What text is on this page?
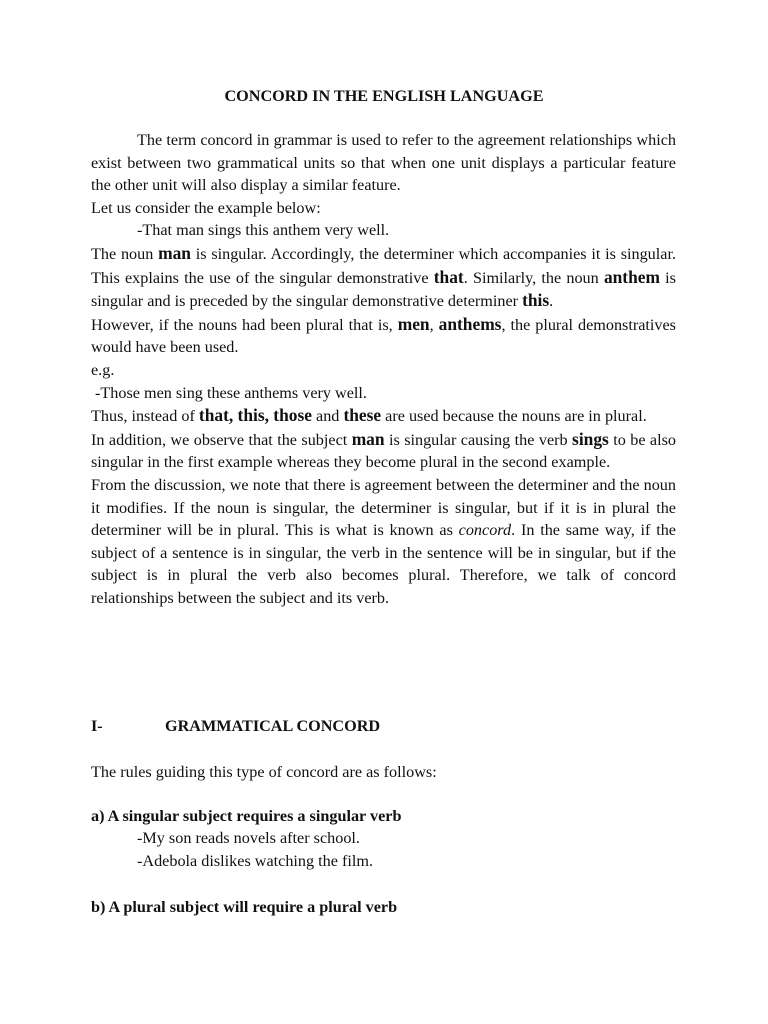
CONCORD IN THE ENGLISH LANGUAGE

The term concord in grammar is used to refer to the agreement relationships which exist between two grammatical units so that when one unit displays a particular feature the other unit will also display a similar feature.

Let us consider the example below:

-That man sings this anthem very well.

The noun man is singular. Accordingly, the determiner which accompanies it is singular. This explains the use of the singular demonstrative that. Similarly, the noun anthem is singular and is preceded by the singular demonstrative determiner this.

However, if the nouns had been plural that is, men, anthems, the plural demonstratives would have been used.

e.g.

-Those men sing these anthems very well.

Thus, instead of that, this, those and these are used because the nouns are in plural.

In addition, we observe that the subject man is singular causing the verb sings to be also singular in the first example whereas they become plural in the second example.

From the discussion, we note that there is agreement between the determiner and the noun it modifies. If the noun is singular, the determiner is singular, but if it is in plural the determiner will be in plural. This is what is known as concord. In the same way, if the subject of a sentence is in singular, the verb in the sentence will be in singular, but if the subject is in plural the verb also becomes plural. Therefore, we talk of concord relationships between the subject and its verb.

I-	GRAMMATICAL CONCORD
The rules guiding this type of concord are as follows:
a) A singular subject requires a singular verb

-My son reads novels after school.

-Adebola dislikes watching the film.

b) A plural subject will require a plural verb
